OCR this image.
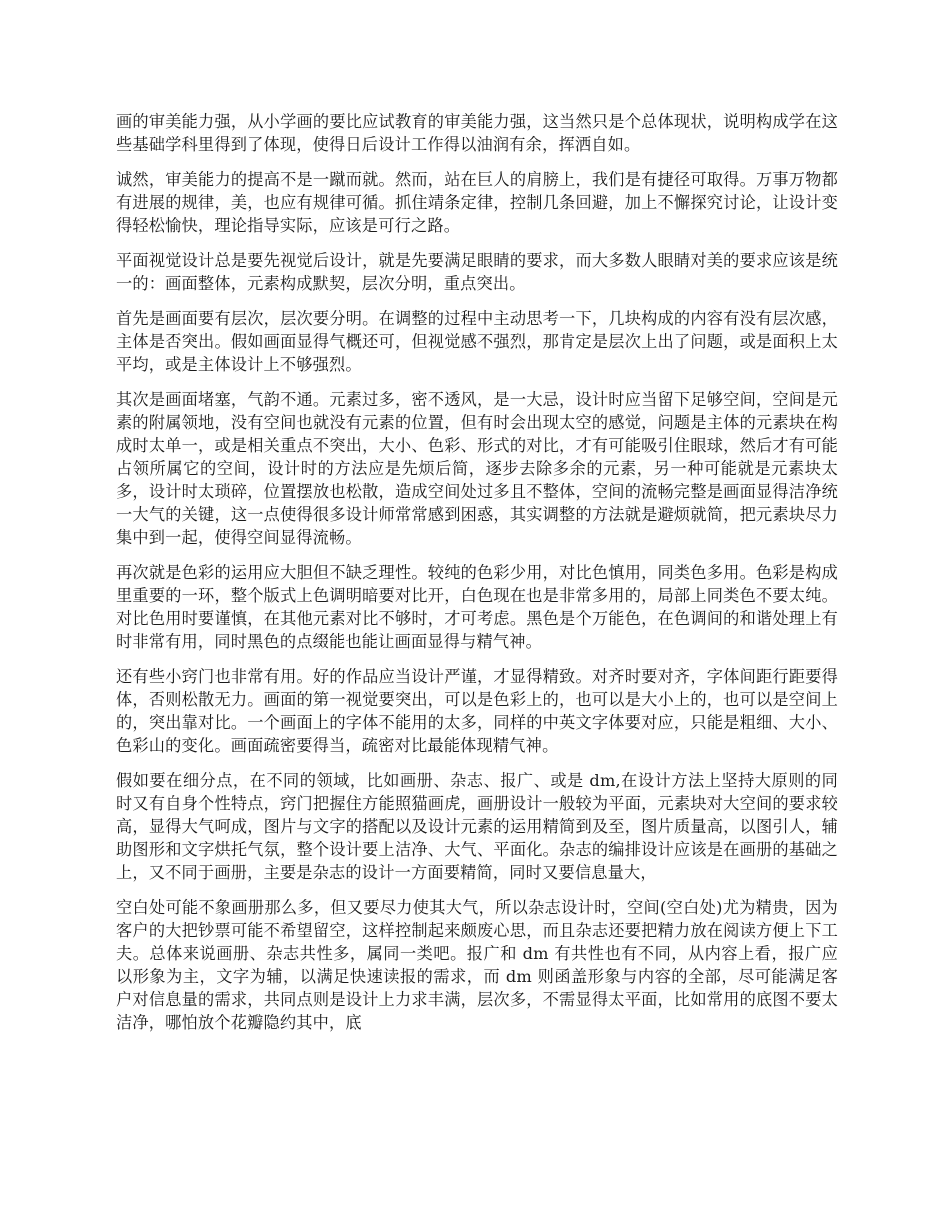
画的审美能力强，从小学画的要比应试教育的审美能力强，这当然只是个总体现状，说明构成学在这些基础学科里得到了体现，使得日后设计工作得以油润有余，挥洒自如。

诚然，审美能力的提高不是一蹴而就。然而，站在巨人的肩膀上，我们是有捷径可取得。万事万物都有进展的规律，美，也应有规律可循。抓住靖条定律，控制几条回避，加上不懈探究讨论，让设计变得轻松愉快，理论指导实际，应该是可行之路。

平面视觉设计总是要先视觉后设计，就是先要满足眼睛的要求，而大多数人眼睛对美的要求应该是统一的：画面整体，元素构成默契，层次分明，重点突出。

首先是画面要有层次，层次要分明。在调整的过程中主动思考一下，几块构成的内容有没有层次感，主体是否突出。假如画面显得气概还可，但视觉感不强烈，那肯定是层次上出了问题，或是面积上太平均，或是主体设计上不够强烈。

其次是画面堵塞，气韵不通。元素过多，密不透风，是一大忌，设计时应当留下足够空间，空间是元素的附属领地，没有空间也就没有元素的位置，但有时会出现太空的感觉，问题是主体的元素块在构成时太单一，或是相关重点不突出，大小、色彩、形式的对比，才有可能吸引住眼球，然后才有可能占领所属它的空间，设计时的方法应是先烦后简，逐步去除多余的元素，另一种可能就是元素块太多，设计时太琐碎，位置摆放也松散，造成空间处过多且不整体，空间的流畅完整是画面显得洁净统一大气的关键，这一点使得很多设计师常常感到困惑，其实调整的方法就是避烦就简，把元素块尽力集中到一起，使得空间显得流畅。

再次就是色彩的运用应大胆但不缺乏理性。较纯的色彩少用，对比色慎用，同类色多用。色彩是构成里重要的一环，整个版式上色调明暗要对比开，白色现在也是非常多用的，局部上同类色不要太纯。对比色用时要谨慎，在其他元素对比不够时，才可考虑。黑色是个万能色，在色调间的和谐处理上有时非常有用，同时黑色的点缀能也能让画面显得与精气神。

还有些小窍门也非常有用。好的作品应当设计严谨，才显得精致。对齐时要对齐，字体间距行距要得体，否则松散无力。画面的第一视觉要突出，可以是色彩上的，也可以是大小上的，也可以是空间上的，突出靠对比。一个画面上的字体不能用的太多，同样的中英文字体要对应，只能是粗细、大小、色彩山的变化。画面疏密要得当，疏密对比最能体现精气神。

假如要在细分点，在不同的领域，比如画册、杂志、报广、或是 dm,在设计方法上坚持大原则的同时又有自身个性特点，窍门把握住方能照猫画虎，画册设计一般较为平面，元素块对大空间的要求较高，显得大气呵成，图片与文字的搭配以及设计元素的运用精简到及至，图片质量高，以图引人，辅助图形和文字烘托气氛，整个设计要上洁净、大气、平面化。杂志的编排设计应该是在画册的基础之上，又不同于画册，主要是杂志的设计一方面要精简，同时又要信息量大，

空白处可能不象画册那么多，但又要尽力使其大气，所以杂志设计时，空间(空白处)尤为精贵，因为客户的大把钞票可能不希望留空，这样控制起来颇废心思，而且杂志还要把精力放在阅读方便上下工夫。总体来说画册、杂志共性多，属同一类吧。报广和 dm 有共性也有不同，从内容上看，报广应以形象为主，文字为辅，以满足快速读报的需求，而 dm 则函盖形象与内容的全部，尽可能满足客户对信息量的需求，共同点则是设计上力求丰满，层次多，不需显得太平面，比如常用的底图不要太洁净，哪怕放个花瓣隐约其中，底
